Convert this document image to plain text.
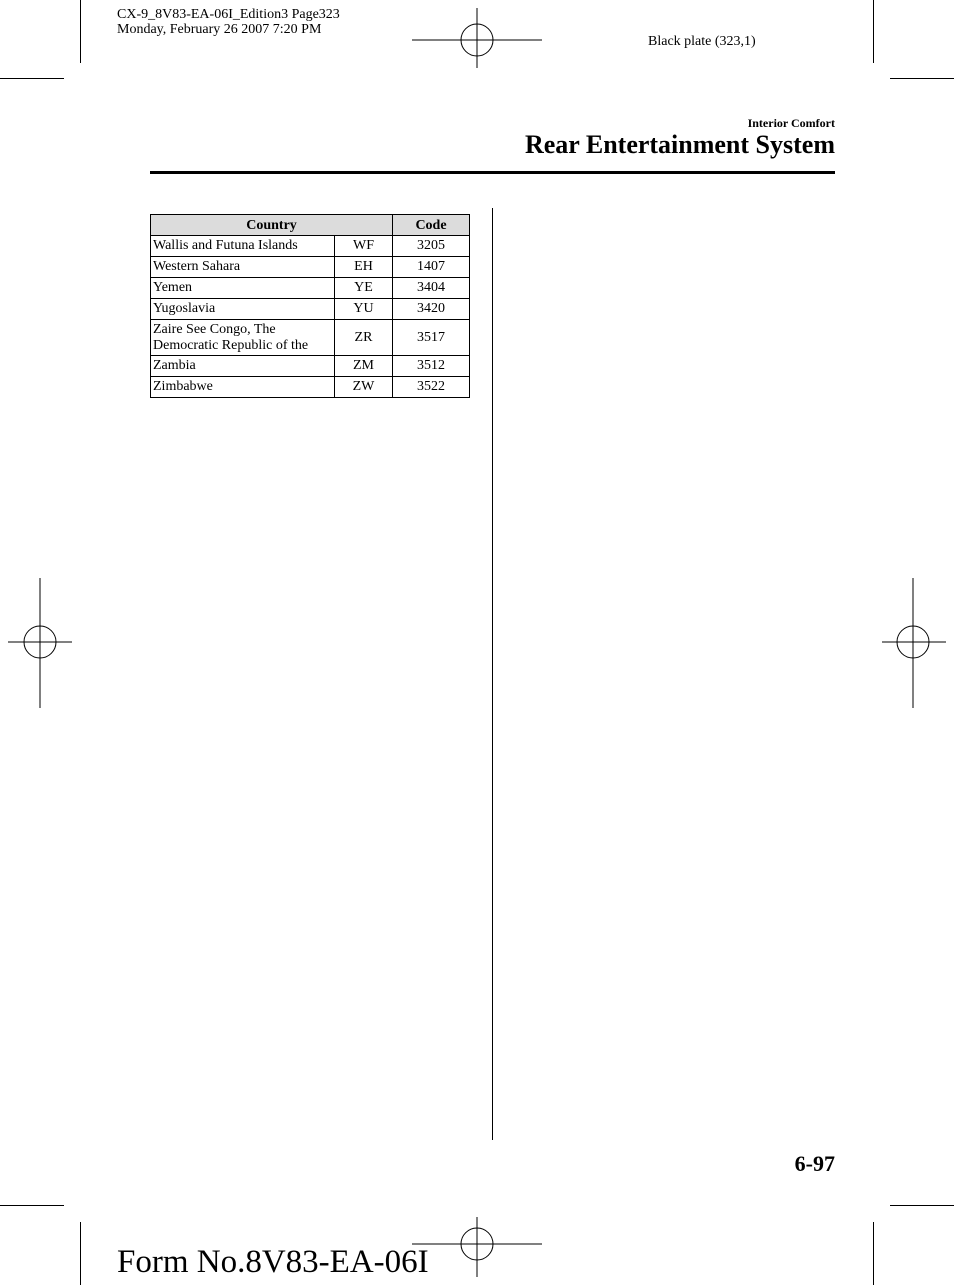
CX-9_8V83-EA-06I_Edition3 Page323
Monday, February 26 2007 7:20 PM
Black plate (323,1)
Interior Comfort
Rear Entertainment System
Country		Code
Wallis and Futuna Islands	WF	3205
Western Sahara	EH	1407
Yemen	YE	3404
Yugoslavia	YU	3420

Zaire See Congo, The
Democratic Republic of the	ZR	3517
Zambia	ZM	3512
Zimbabwe	ZW	3522
6-97
Form No.8V83-EA-06I
